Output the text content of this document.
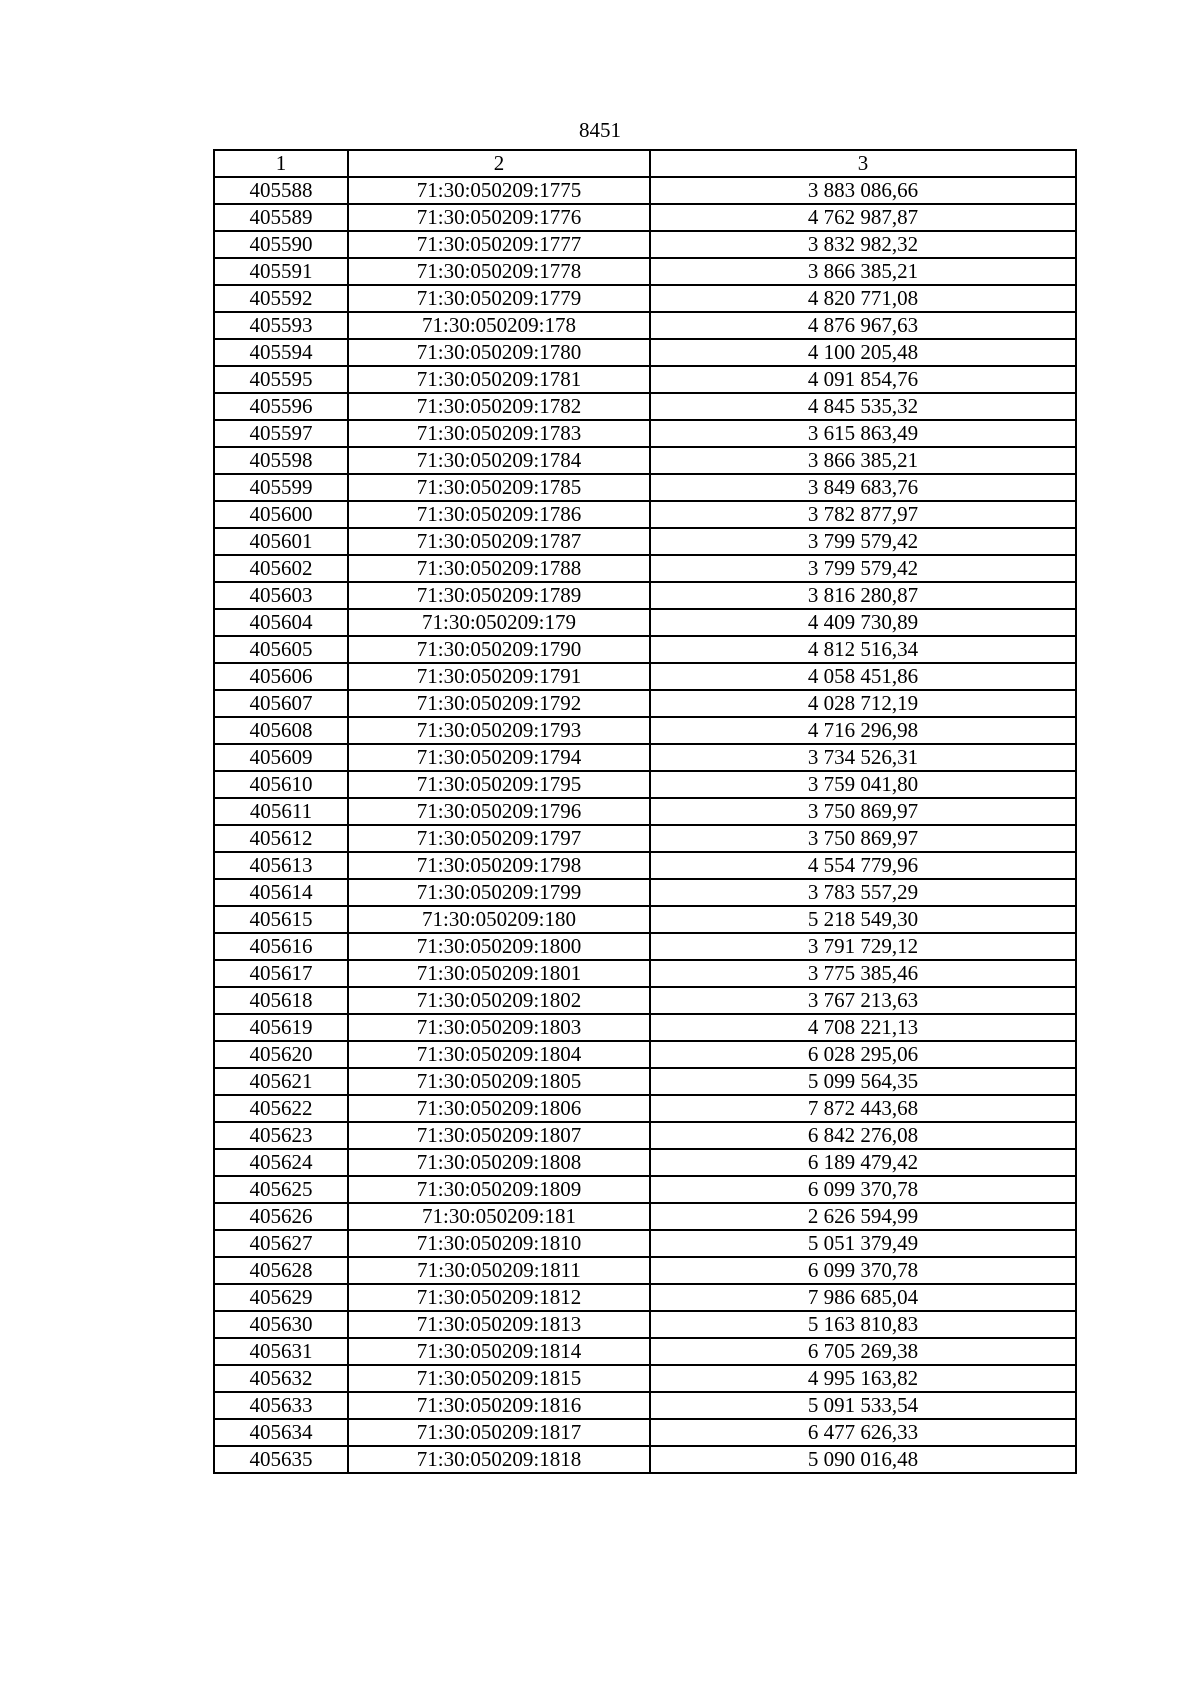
8451
1	2	3
405588	71:30:050209:1775	3 883 086,66
405589	71:30:050209:1776	4 762 987,87
405590	71:30:050209:1777	3 832 982,32
405591	71:30:050209:1778	3 866 385,21
405592	71:30:050209:1779	4 820 771,08
405593	71:30:050209:178	4 876 967,63
405594	71:30:050209:1780	4 100 205,48
405595	71:30:050209:1781	4 091 854,76
405596	71:30:050209:1782	4 845 535,32
405597	71:30:050209:1783	3 615 863,49
405598	71:30:050209:1784	3 866 385,21
405599	71:30:050209:1785	3 849 683,76
405600	71:30:050209:1786	3 782 877,97
405601	71:30:050209:1787	3 799 579,42
405602	71:30:050209:1788	3 799 579,42
405603	71:30:050209:1789	3 816 280,87
405604	71:30:050209:179	4 409 730,89
405605	71:30:050209:1790	4 812 516,34
405606	71:30:050209:1791	4 058 451,86
405607	71:30:050209:1792	4 028 712,19
405608	71:30:050209:1793	4 716 296,98
405609	71:30:050209:1794	3 734 526,31
405610	71:30:050209:1795	3 759 041,80
405611	71:30:050209:1796	3 750 869,97
405612	71:30:050209:1797	3 750 869,97
405613	71:30:050209:1798	4 554 779,96
405614	71:30:050209:1799	3 783 557,29
405615	71:30:050209:180	5 218 549,30
405616	71:30:050209:1800	3 791 729,12
405617	71:30:050209:1801	3 775 385,46
405618	71:30:050209:1802	3 767 213,63
405619	71:30:050209:1803	4 708 221,13
405620	71:30:050209:1804	6 028 295,06
405621	71:30:050209:1805	5 099 564,35
405622	71:30:050209:1806	7 872 443,68
405623	71:30:050209:1807	6 842 276,08
405624	71:30:050209:1808	6 189 479,42
405625	71:30:050209:1809	6 099 370,78
405626	71:30:050209:181	2 626 594,99
405627	71:30:050209:1810	5 051 379,49
405628	71:30:050209:1811	6 099 370,78
405629	71:30:050209:1812	7 986 685,04
405630	71:30:050209:1813	5 163 810,83
405631	71:30:050209:1814	6 705 269,38
405632	71:30:050209:1815	4 995 163,82
405633	71:30:050209:1816	5 091 533,54
405634	71:30:050209:1817	6 477 626,33
405635	71:30:050209:1818	5 090 016,48
